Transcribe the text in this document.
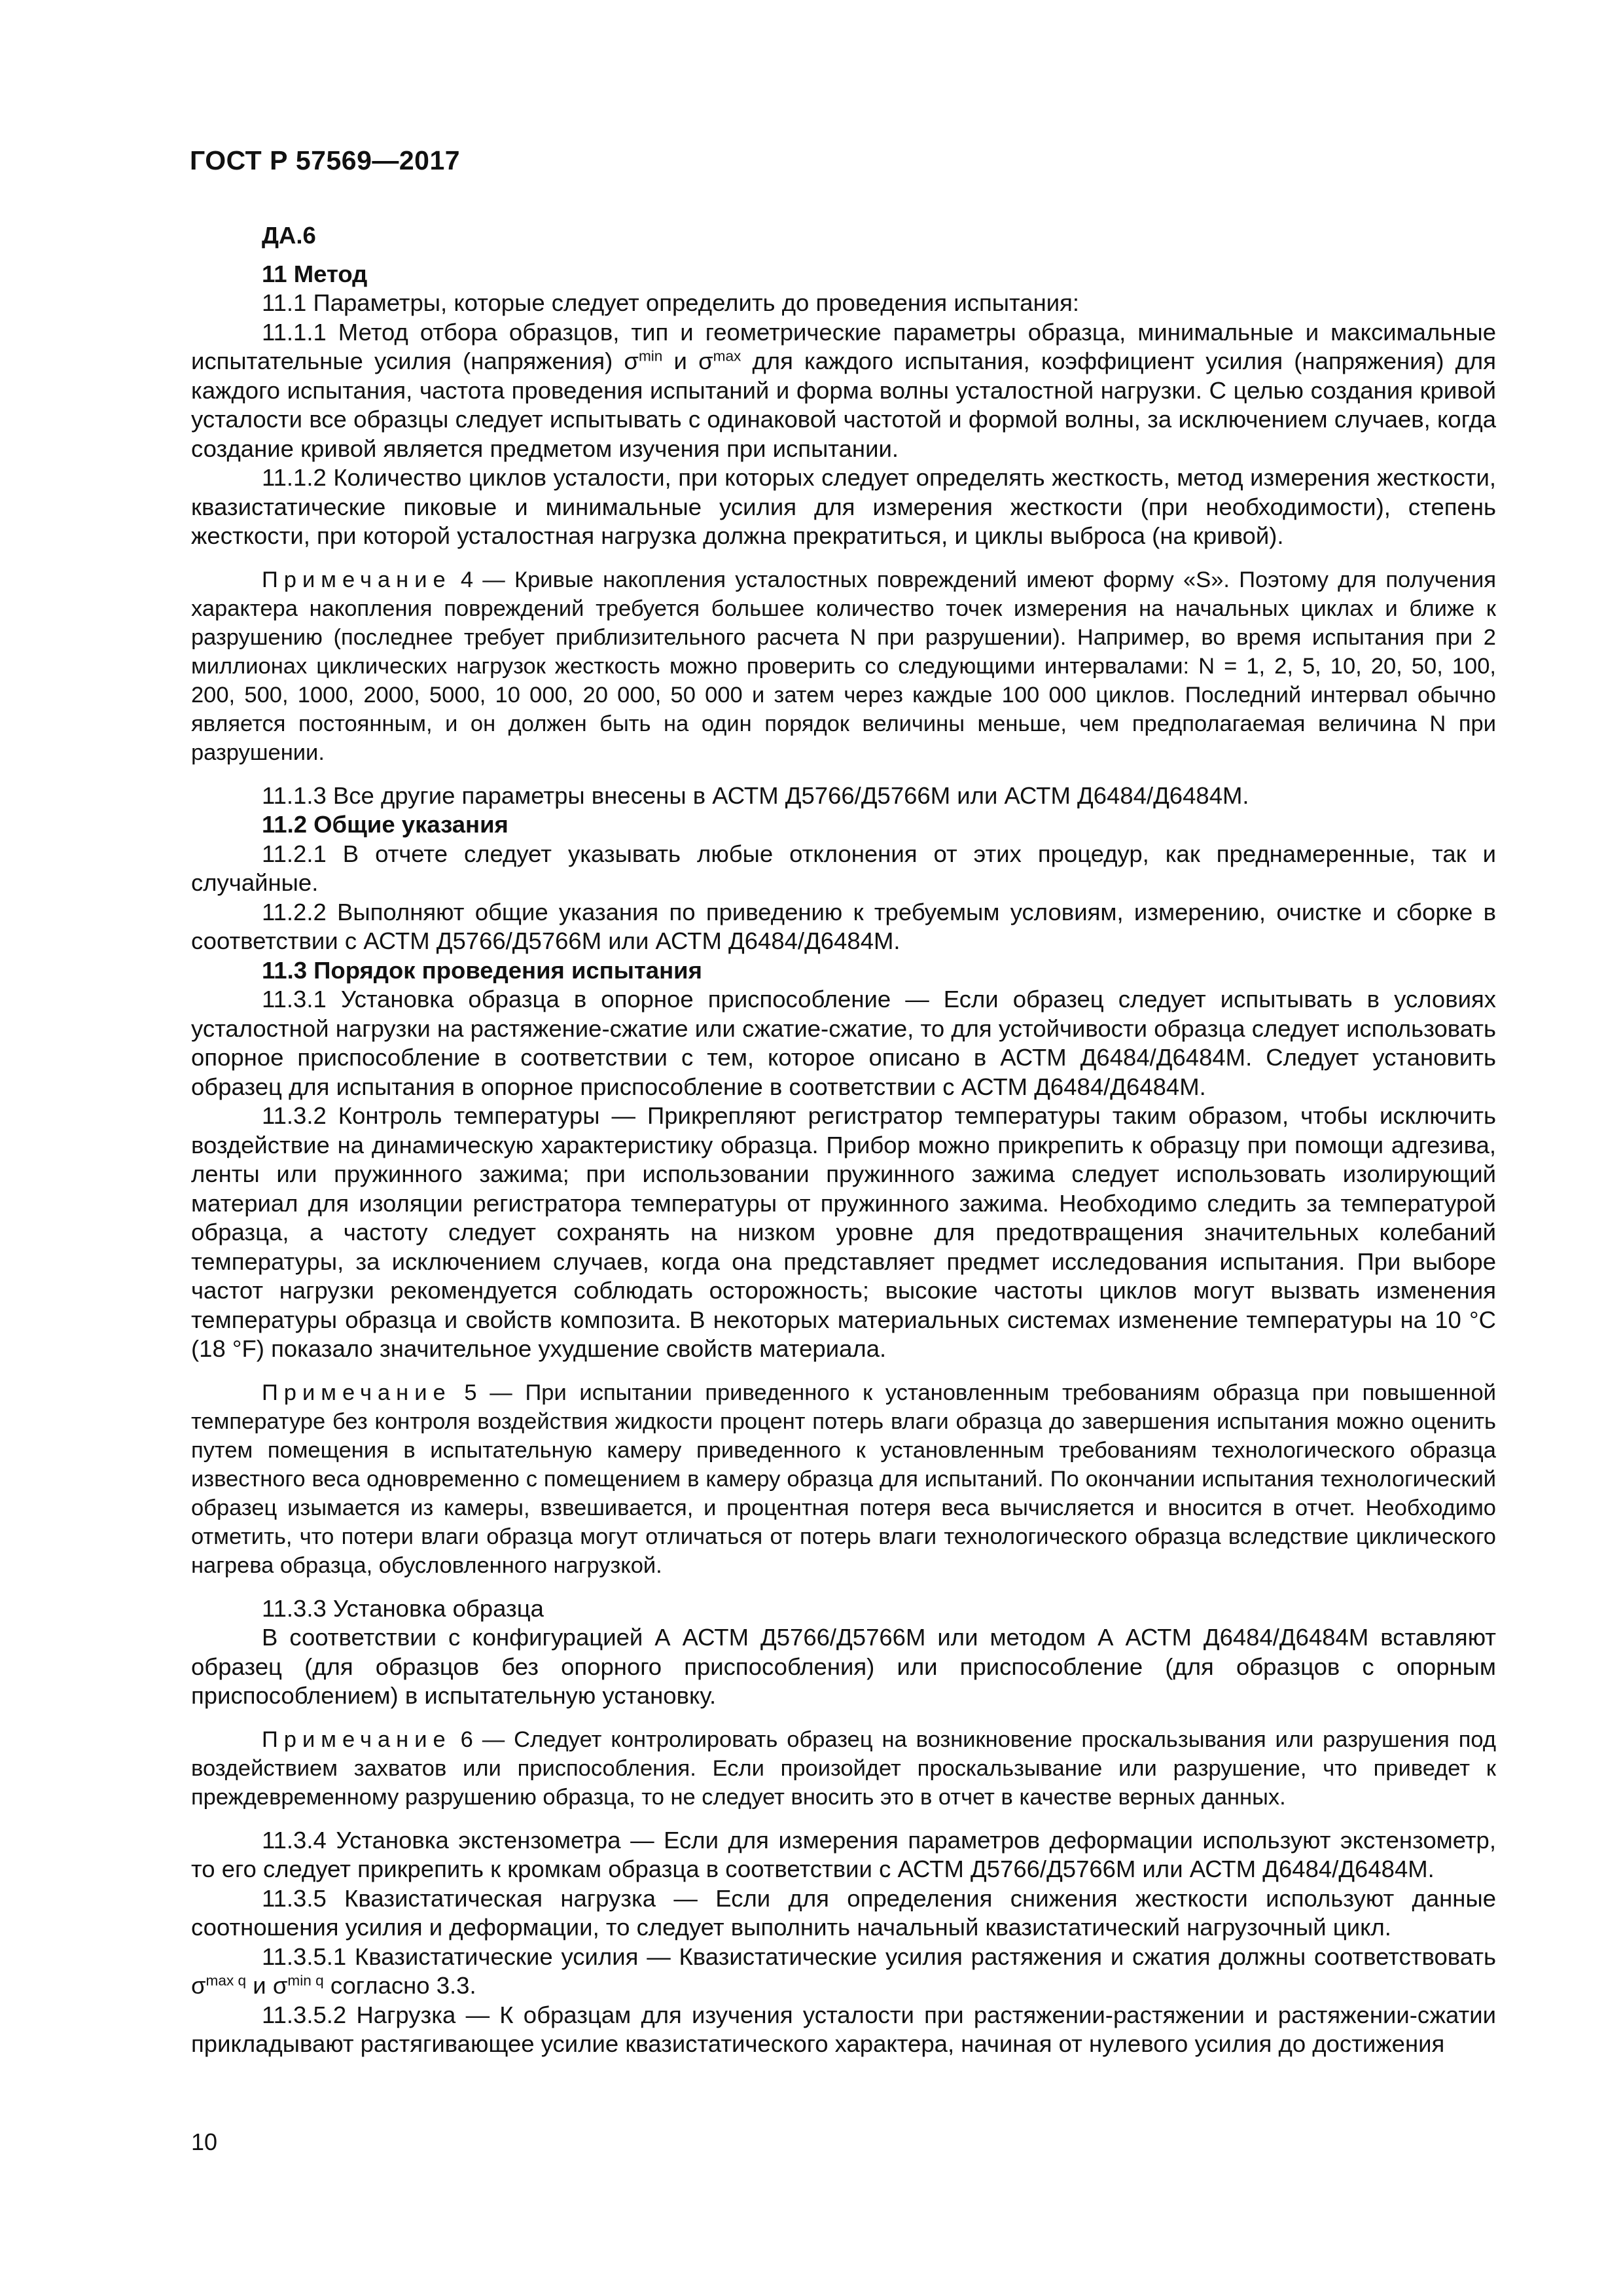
ГОСТ Р 57569—2017
ДА.6
11 Метод
11.1 Параметры, которые следует определить до проведения испытания:
11.1.1 Метод отбора образцов, тип и геометрические параметры образца, минимальные и максимальные испытательные усилия (напряжения) $\sigma^{min}$ и $\sigma^{max}$ для каждого испытания, коэффициент усилия (напряжения) для каждого испытания, частота проведения испытаний и форма волны усталостной нагрузки. С целью создания кривой усталости все образцы следует испытывать с одинаковой частотой и формой волны, за исключением случаев, когда создание кривой является предметом изучения при испытании.
11.1.2 Количество циклов усталости, при которых следует определять жесткость, метод измерения жесткости, квазистатические пиковые и минимальные усилия для измерения жесткости (при необходимости), степень жесткости, при которой усталостная нагрузка должна прекратиться, и циклы выброса (на кривой).
Примечание 4 — Кривые накопления усталостных повреждений имеют форму «S». Поэтому для получения характера накопления повреждений требуется большее количество точек измерения на начальных циклах и ближе к разрушению (последнее требует приблизительного расчета N при разрушении). Например, во время испытания при 2 миллионах циклических нагрузок жесткость можно проверить со следующими интервалами: N = 1, 2, 5, 10, 20, 50, 100, 200, 500, 1000, 2000, 5000, 10 000, 20 000, 50 000 и затем через каждые 100 000 циклов. Последний интервал обычно является постоянным, и он должен быть на один порядок величины меньше, чем предполагаемая величина N при разрушении.
11.1.3 Все другие параметры внесены в АСТМ Д5766/Д5766М или АСТМ Д6484/Д6484М.
11.2 Общие указания
11.2.1 В отчете следует указывать любые отклонения от этих процедур, как преднамеренные, так и случайные.
11.2.2 Выполняют общие указания по приведению к требуемым условиям, измерению, очистке и сборке в соответствии с АСТМ Д5766/Д5766М или АСТМ Д6484/Д6484М.
11.3 Порядок проведения испытания
11.3.1 Установка образца в опорное приспособление — Если образец следует испытывать в условиях усталостной нагрузки на растяжение-сжатие или сжатие-сжатие, то для устойчивости образца следует использовать опорное приспособление в соответствии с тем, которое описано в АСТМ Д6484/Д6484М. Следует установить образец для испытания в опорное приспособление в соответствии с АСТМ Д6484/Д6484М.
11.3.2 Контроль температуры — Прикрепляют регистратор температуры таким образом, чтобы исключить воздействие на динамическую характеристику образца. Прибор можно прикрепить к образцу при помощи адгезива, ленты или пружинного зажима; при использовании пружинного зажима следует использовать изолирующий материал для изоляции регистратора температуры от пружинного зажима. Необходимо следить за температурой образца, а частоту следует сохранять на низком уровне для предотвращения значительных колебаний температуры, за исключением случаев, когда она представляет предмет исследования испытания. При выборе частот нагрузки рекомендуется соблюдать осторожность; высокие частоты циклов могут вызвать изменения температуры образца и свойств композита. В некоторых материальных системах изменение температуры на 10 °С (18 °F) показало значительное ухудшение свойств материала.
Примечание 5 — При испытании приведенного к установленным требованиям образца при повышенной температуре без контроля воздействия жидкости процент потерь влаги образца до завершения испытания можно оценить путем помещения в испытательную камеру приведенного к установленным требованиям технологического образца известного веса одновременно с помещением в камеру образца для испытаний. По окончании испытания технологический образец изымается из камеры, взвешивается, и процентная потеря веса вычисляется и вносится в отчет. Необходимо отметить, что потери влаги образца могут отличаться от потерь влаги технологического образца вследствие циклического нагрева образца, обусловленного нагрузкой.
11.3.3 Установка образца
В соответствии с конфигурацией А АСТМ Д5766/Д5766М или методом А АСТМ Д6484/Д6484М вставляют образец (для образцов без опорного приспособления) или приспособление (для образцов с опорным приспособлением) в испытательную установку.
Примечание 6 — Следует контролировать образец на возникновение проскальзывания или разрушения под воздействием захватов или приспособления. Если произойдет проскальзывание или разрушение, что приведет к преждевременному разрушению образца, то не следует вносить это в отчет в качестве верных данных.
11.3.4 Установка экстензометра — Если для измерения параметров деформации используют экстензометр, то его следует прикрепить к кромкам образца в соответствии с АСТМ Д5766/Д5766М или АСТМ Д6484/Д6484М.
11.3.5 Квазистатическая нагрузка — Если для определения снижения жесткости используют данные соотношения усилия и деформации, то следует выполнить начальный квазистатический нагрузочный цикл.
11.3.5.1 Квазистатические усилия — Квазистатические усилия растяжения и сжатия должны соответствовать $\sigma^{max q}$ и $\sigma^{min q}$ согласно 3.3.
11.3.5.2 Нагрузка — К образцам для изучения усталости при растяжении-растяжении и растяжении-сжатии прикладывают растягивающее усилие квазистатического характера, начиная от нулевого усилия до достижения
10
